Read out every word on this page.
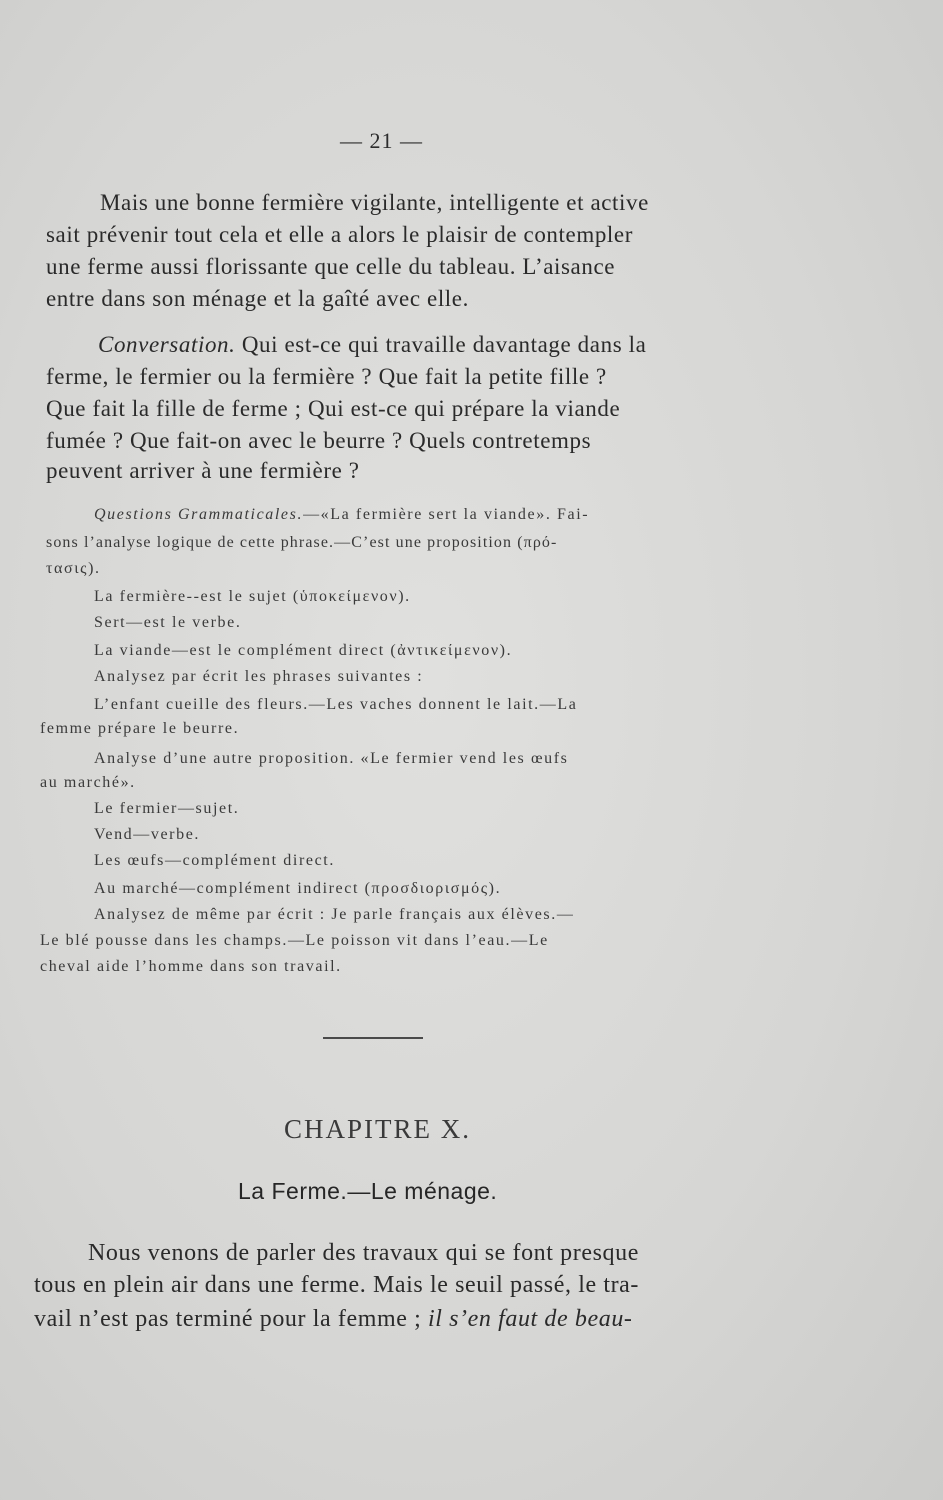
— 21 —
Mais une bonne fermière vigilante, intelligente et active
sait prévenir tout cela et elle a alors le plaisir de contempler
une ferme aussi florissante que celle du tableau. L’aisance
entre dans son ménage et la gaîté avec elle.
Conversation. Qui est-ce qui travaille davantage dans la
ferme, le fermier ou la fermière ? Que fait la petite fille ?
Que fait la fille de ferme ; Qui est-ce qui prépare la viande
fumée ? Que fait-on avec le beurre ? Quels contretemps
peuvent arriver à une fermière ?
Questions Grammaticales.—«La fermière sert la viande». Fai-
sons l’analyse logique de cette phrase.—C’est une proposition (πρό-
τασις).
La fermière--est le sujet (ὑποκείμενον).
Sert—est le verbe.
La viande—est le complément direct (ἀντικείμενον).
Analysez par écrit les phrases suivantes :
L’enfant cueille des fleurs.—Les vaches donnent le lait.—La
femme prépare le beurre.
Analyse d’une autre proposition. «Le fermier vend les œufs
au marché».
Le fermier—sujet.
Vend—verbe.
Les œufs—complément direct.
Au marché—complément indirect (προσδιορισμός).
Analysez de même par écrit : Je parle français aux élèves.—
Le blé pousse dans les champs.—Le poisson vit dans l’eau.—Le
cheval aide l’homme dans son travail.
CHAPITRE X.
La Ferme.—Le ménage.
Nous venons de parler des travaux qui se font presque
tous en plein air dans une ferme. Mais le seuil passé, le tra-
vail n’est pas terminé pour la femme ; il s’en faut de beau-
